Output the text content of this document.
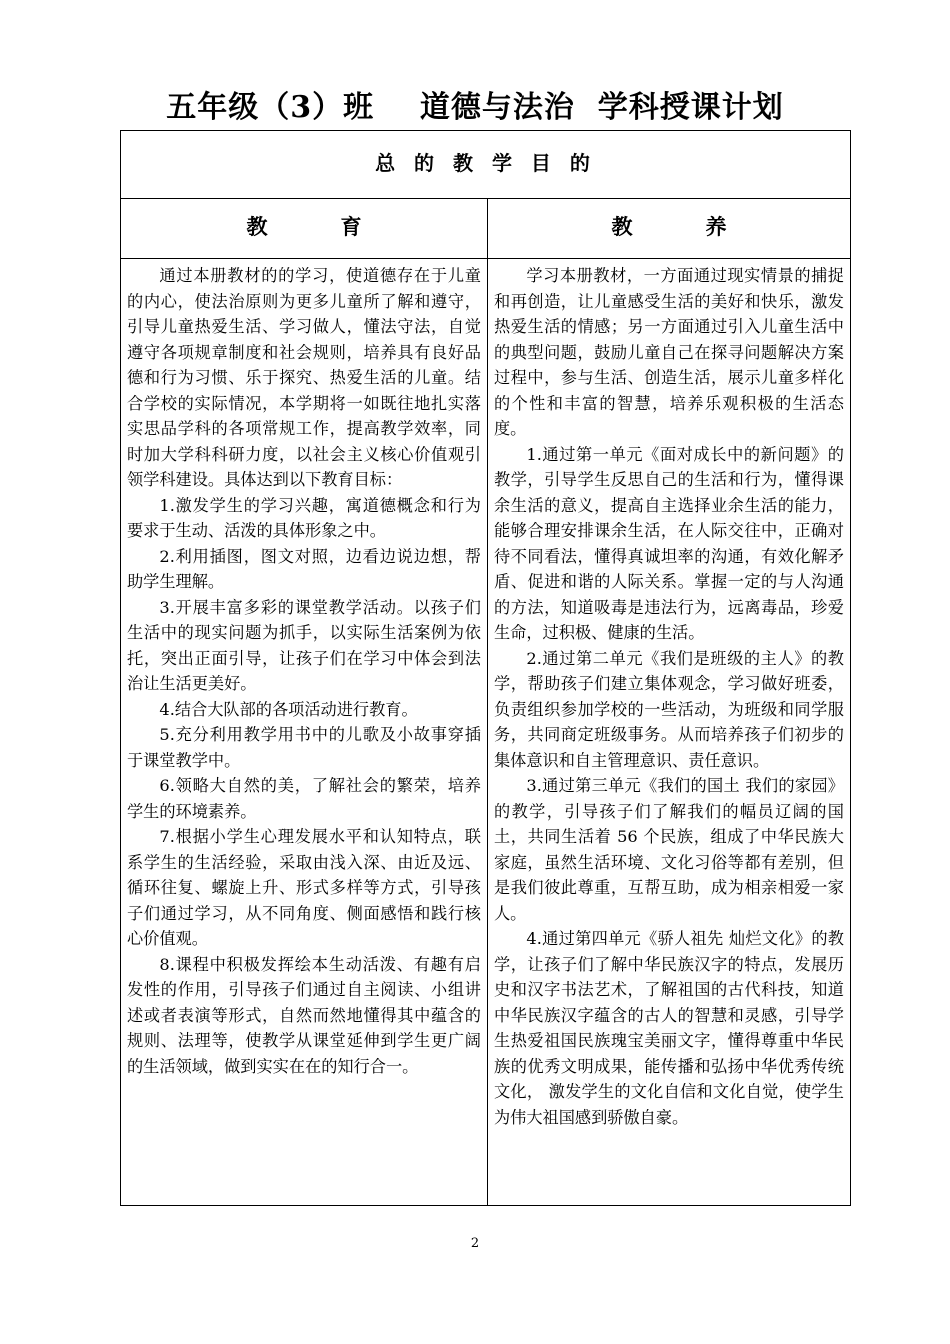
五年级（3）班    道德与法治  学科授课计划
总 的 教 学 目 的
教          育	教          养

通过本册教材的的学习，使道德存在于儿童的内心，使法治原则为更多儿童所了解和遵守，引导儿童热爱生活、学习做人，懂法守法，自觉遵守各项规章制度和社会规则，培养具有良好品德和行为习惯、乐于探究、热爱生活的儿童。结合学校的实际情况，本学期将一如既往地扎实落实思品学科的各项常规工作，提高教学效率，同时加大学科科研力度，以社会主义核心价值观引领学科建设。具体达到以下教育目标：

1.激发学生的学习兴趣，寓道德概念和行为要求于生动、活泼的具体形象之中。

2.利用插图，图文对照，边看边说边想，帮助学生理解。

3.开展丰富多彩的课堂教学活动。以孩子们生活中的现实问题为抓手，以实际生活案例为依托，突出正面引导，让孩子们在学习中体会到法治让生活更美好。

4.结合大队部的各项活动进行教育。

5.充分利用教学用书中的儿歌及小故事穿插于课堂教学中。

6.领略大自然的美，了解社会的繁荣，培养学生的环境素养。

7.根据小学生心理发展水平和认知特点，联系学生的生活经验，采取由浅入深、由近及远、循环往复、螺旋上升、形式多样等方式，引导孩子们通过学习，从不同角度、侧面感悟和践行核心价值观。

8.课程中积极发挥绘本生动活泼、有趣有启发性的作用，引导孩子们通过自主阅读、小组讲述或者表演等形式，自然而然地懂得其中蕴含的规则、法理等，使教学从课堂延伸到学生更广阔的生活领域，做到实实在在的知行合一。

学习本册教材，一方面通过现实情景的捕捉和再创造，让儿童感受生活的美好和快乐，激发热爱生活的情感；另一方面通过引入儿童生活中的典型问题，鼓励儿童自己在探寻问题解决方案过程中，参与生活、创造生活，展示儿童多样化的个性和丰富的智慧，培养乐观积极的生活态度。

1.通过第一单元《面对成长中的新问题》的教学，引导学生反思自己的生活和行为，懂得课余生活的意义，提高自主选择业余生活的能力，能够合理安排课余生活，在人际交往中，正确对待不同看法，懂得真诚坦率的沟通，有效化解矛盾、促进和谐的人际关系。掌握一定的与人沟通的方法，知道吸毒是违法行为，远离毒品，珍爱生命，过积极、健康的生活。

2.通过第二单元《我们是班级的主人》的教学，帮助孩子们建立集体观念，学习做好班委，负责组织参加学校的一些活动，为班级和同学服务，共同商定班级事务。从而培养孩子们初步的集体意识和自主管理意识、责任意识。

3.通过第三单元《我们的国土 我们的家园》的教学，引导孩子们了解我们的幅员辽阔的国土，共同生活着 56 个民族，组成了中华民族大家庭，虽然生活环境、文化习俗等都有差别，但是我们彼此尊重，互帮互助，成为相亲相爱一家人。

4.通过第四单元《骄人祖先 灿烂文化》的教学，让孩子们了解中华民族汉字的特点，发展历史和汉字书法艺术，了解祖国的古代科技，知道中华民族汉字蕴含的古人的智慧和灵感，引导学生热爱祖国民族瑰宝美丽文字，懂得尊重中华民族的优秀文明成果，能传播和弘扬中华优秀传统文化， 激发学生的文化自信和文化自觉，使学生为伟大祖国感到骄傲自豪。

2
